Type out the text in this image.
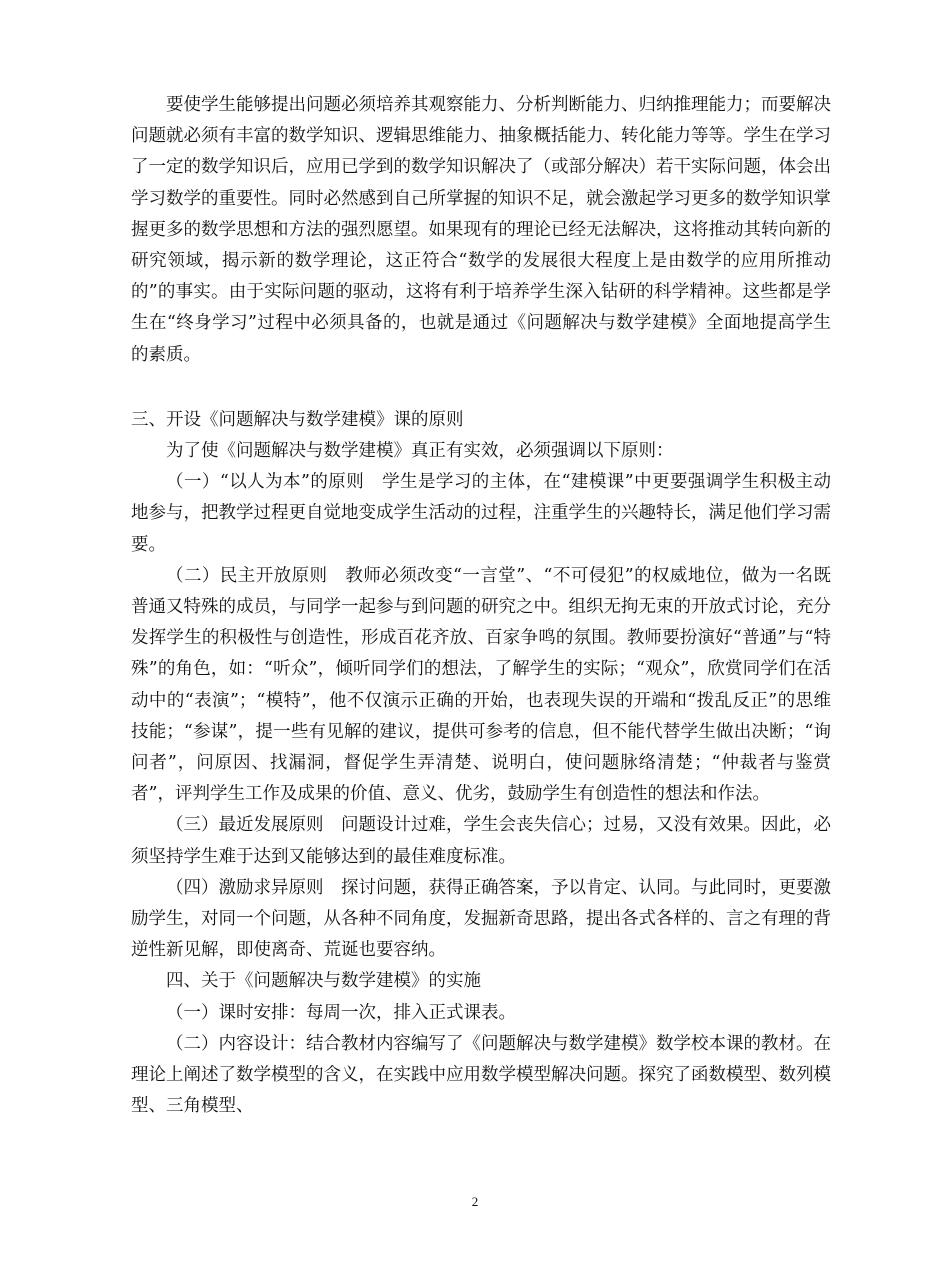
要使学生能够提出问题必须培养其观察能力、分析判断能力、归纳推理能力；而要解决问题就必须有丰富的数学知识、逻辑思维能力、抽象概括能力、转化能力等等。学生在学习了一定的数学知识后，应用已学到的数学知识解决了（或部分解决）若干实际问题，体会出学习数学的重要性。同时必然感到自己所掌握的知识不足，就会激起学习更多的数学知识掌握更多的数学思想和方法的强烈愿望。如果现有的理论已经无法解决，这将推动其转向新的研究领域，揭示新的数学理论，这正符合“数学的发展很大程度上是由数学的应用所推动的”的事实。由于实际问题的驱动，这将有利于培养学生深入钻研的科学精神。这些都是学生在“终身学习”过程中必须具备的，也就是通过《问题解决与数学建模》全面地提高学生的素质。

三、开设《问题解决与数学建模》课的原则

为了使《问题解决与数学建模》真正有实效，必须强调以下原则：

（一）“以人为本”的原则　学生是学习的主体，在“建模课”中更要强调学生积极主动地参与，把教学过程更自觉地变成学生活动的过程，注重学生的兴趣特长，满足他们学习需要。

（二）民主开放原则　教师必须改变“一言堂”、“不可侵犯”的权威地位，做为一名既普通又特殊的成员，与同学一起参与到问题的研究之中。组织无拘无束的开放式讨论，充分发挥学生的积极性与创造性，形成百花齐放、百家争鸣的氛围。教师要扮演好“普通”与“特殊”的角色，如：“听众”，倾听同学们的想法，了解学生的实际；“观众”，欣赏同学们在活动中的“表演”；“模特”，他不仅演示正确的开始，也表现失误的开端和“拨乱反正”的思维技能；“参谋”，提一些有见解的建议，提供可参考的信息，但不能代替学生做出决断；“询问者”，问原因、找漏洞，督促学生弄清楚、说明白，使问题脉络清楚；“仲裁者与鉴赏者”，评判学生工作及成果的价值、意义、优劣，鼓励学生有创造性的想法和作法。

（三）最近发展原则　问题设计过难，学生会丧失信心；过易，又没有效果。因此，必须坚持学生难于达到又能够达到的最佳难度标准。

（四）激励求异原则　探讨问题，获得正确答案，予以肯定、认同。与此同时，更要激励学生，对同一个问题，从各种不同角度，发掘新奇思路，提出各式各样的、言之有理的背逆性新见解，即使离奇、荒诞也要容纳。

四、关于《问题解决与数学建模》的实施

（一）课时安排：每周一次，排入正式课表。

（二）内容设计：结合教材内容编写了《问题解决与数学建模》数学校本课的教材。在理论上阐述了数学模型的含义，在实践中应用数学模型解决问题。探究了函数模型、数列模型、三角模型、

2
